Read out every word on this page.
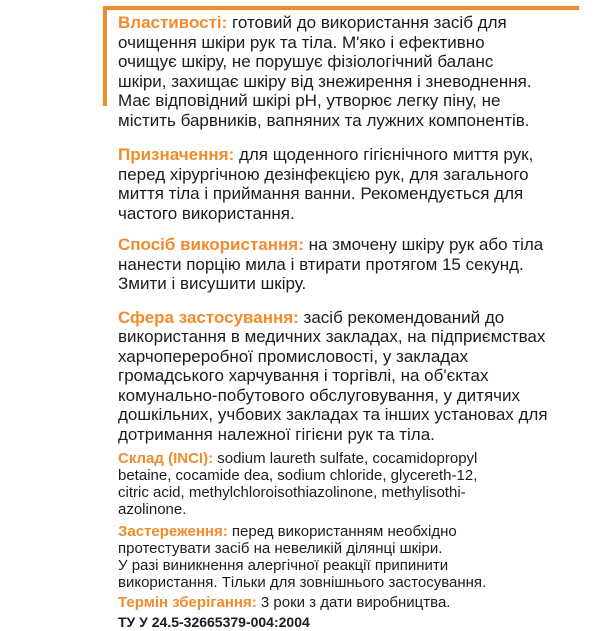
Властивості: готовий до використання засіб для

очищення шкіри рук та тіла. М'яко і ефективно

очищує шкіру, не порушує фізіологічний баланс

шкіри, захищає шкіру від знежирення і зневоднення.

Має відповідний шкірі pH, утворює легку піну, не

містить барвників, вапняних та лужних компонентів.

Призначення: для щоденного гігієнічного миття рук,

перед хірургічною дезінфекцією рук, для загального

миття тіла і приймання ванни. Рекомендується для

частого використання.

Спосіб використання: на змочену шкіру рук або тіла

нанести порцію мила і втирати протягом 15 секунд.

Змити і висушити шкіру.

Сфера застосування: засіб рекомендований до

використання в медичних закладах, на підприємствах

харчопереробної промисловості, у закладах

громадського харчування і торгівлі, на об'єктах

комунально-побутового обслуговування, у дитячих

дошкільних, учбових закладах та інших установах для

дотримання належної гігієни рук та тіла.

Склад (INCI): sodium laureth sulfate, cocamidopropyl

betaine, cocamide dea, sodium chloride, glycereth-12,

citric acid, methylchloroisothiazolinone, methylisothi-

azolinone.

Застереження: перед використанням необхідно

протестувати засіб на невеликій ділянці шкіри.

У разі виникнення алергічної реакції припинити

використання. Тільки для зовнішнього застосування.

Термін зберігання: 3 роки з дати виробництва.

ТУ У 24.5-32665379-004:2004
